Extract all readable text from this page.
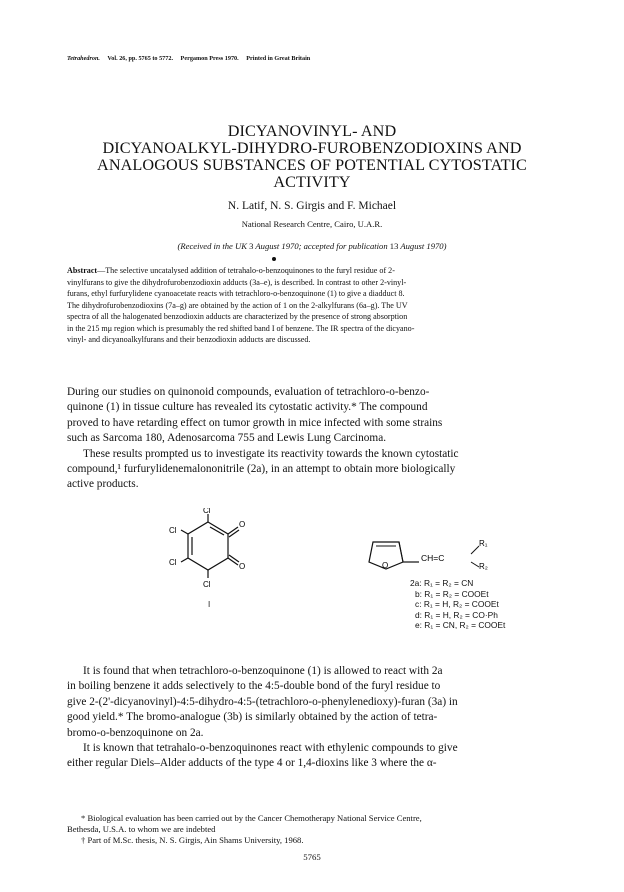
Tetrahedron. Vol. 26, pp. 5765 to 5772. Pergamon Press 1970. Printed in Great Britain
DICYANOVINYL- AND
DICYANOALKYL-DIHYDRO-FUROBENZODIOXINS AND
ANALOGOUS SUBSTANCES OF POTENTIAL CYTOSTATIC
ACTIVITY
N. Latif, N. S. Girgis and F. Michael
National Research Centre, Cairo, U.A.R.
(Received in the UK 3 August 1970; accepted for publication 13 August 1970)
Abstract—The selective uncatalysed addition of tetrahalo-o-benzoquinones to the furyl residue of 2-
vinylfurans to give the dihydrofurobenzodioxin adducts (3a–e), is described. In contrast to other 2-vinyl-
furans, ethyl furfurylidene cyanoacetate reacts with tetrachloro-o-benzoquinone (1) to give a diadduct 8.
The dihydrofurobenzodioxins (7a–g) are obtained by the action of 1 on the 2-alkylfurans (6a–g). The UV
spectra of all the halogenated benzodioxin adducts are characterized by the presence of strong absorption
in the 215 mμ region which is presumably the red shifted band I of benzene. The IR spectra of the dicyano-
vinyl- and dicyanoalkylfurans and their benzodioxin adducts are discussed.
During our studies on quinonoid compounds, evaluation of tetrachloro-o-benzo-
quinone (1) in tissue culture has revealed its cytostatic activity.* The compound
proved to have retarding effect on tumor growth in mice infected with some strains
such as Sarcoma 180, Adenosarcoma 755 and Lewis Lung Carcinoma.
These results prompted us to investigate its reactivity towards the known cytostatic
compound,¹ furfurylidenemalononitrile (2a), in an attempt to obtain more biologically
active products.
Cl
Cl
Cl
Cl
O
O
I
O
CH=C
R₁
R₂
2a: R₁ = R₂ = CN
b: R₁ = R₂ = COOEt
c: R₁ = H, R₂ = COOEt
d: R₁ = H, R₂ = CO·Ph
e: R₁ = CN, R₂ = COOEt
It is found that when tetrachloro-o-benzoquinone (1) is allowed to react with 2a
in boiling benzene it adds selectively to the 4:5-double bond of the furyl residue to
give 2-(2'-dicyanovinyl)-4:5-dihydro-4:5-(tetrachloro-o-phenylenedioxy)-furan (3a) in
good yield.* The bromo-analogue (3b) is similarly obtained by the action of tetra-
bromo-o-benzoquinone on 2a.
It is known that tetrahalo-o-benzoquinones react with ethylenic compounds to give
either regular Diels–Alder adducts of the type 4 or 1,4-dioxins like 3 where the α-
* Biological evaluation has been carried out by the Cancer Chemotherapy National Service Centre,
Bethesda, U.S.A. to whom we are indebted
† Part of M.Sc. thesis, N. S. Girgis, Ain Shams University, 1968.
5765
